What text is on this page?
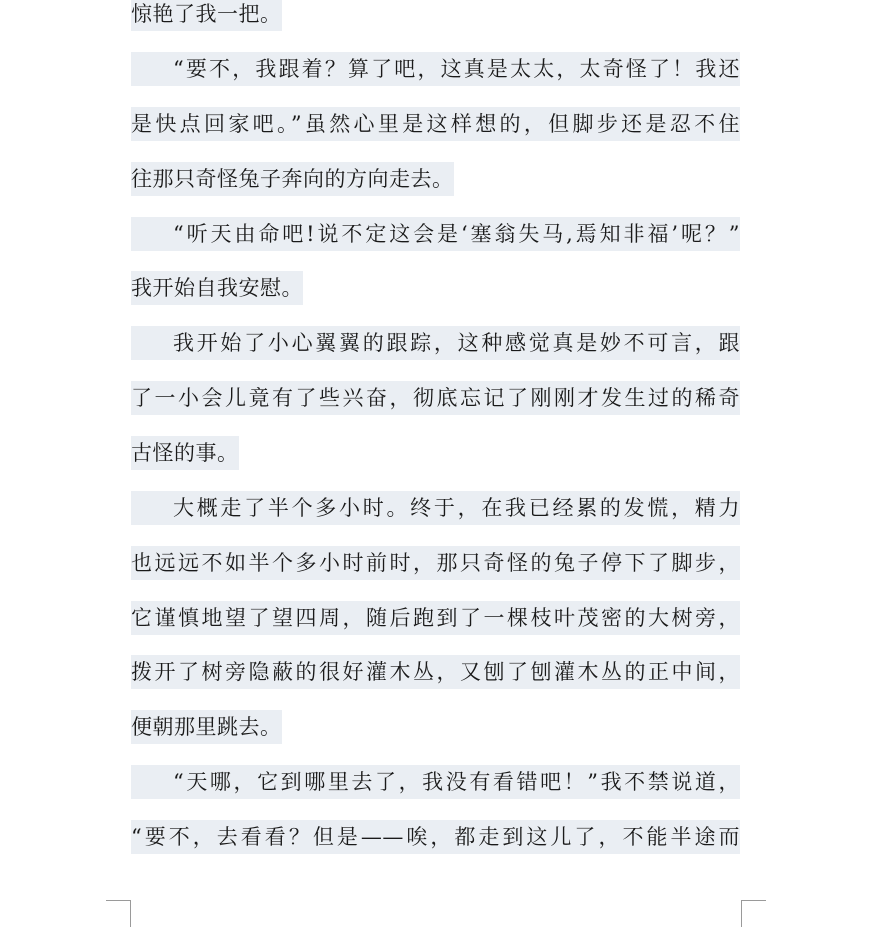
惊艳了我一把。
“要不，我跟着？算了吧，这真是太太，太奇怪了！我还
是快点回家吧。”虽然心里是这样想的，但脚步还是忍不住
往那只奇怪兔子奔向的方向走去。
“听天由命吧!说不定这会是‘塞翁失马,焉知非福’呢？”
我开始自我安慰。
我开始了小心翼翼的跟踪，这种感觉真是妙不可言，跟
了一小会儿竟有了些兴奋，彻底忘记了刚刚才发生过的稀奇
古怪的事。
大概走了半个多小时。终于，在我已经累的发慌，精力
也远远不如半个多小时前时，那只奇怪的兔子停下了脚步，
它谨慎地望了望四周，随后跑到了一棵枝叶茂密的大树旁，
拨开了树旁隐蔽的很好灌木丛，又刨了刨灌木丛的正中间，
便朝那里跳去。
“天哪，它到哪里去了，我没有看错吧！”我不禁说道，
“要不，去看看？但是——唉，都走到这儿了，不能半途而
